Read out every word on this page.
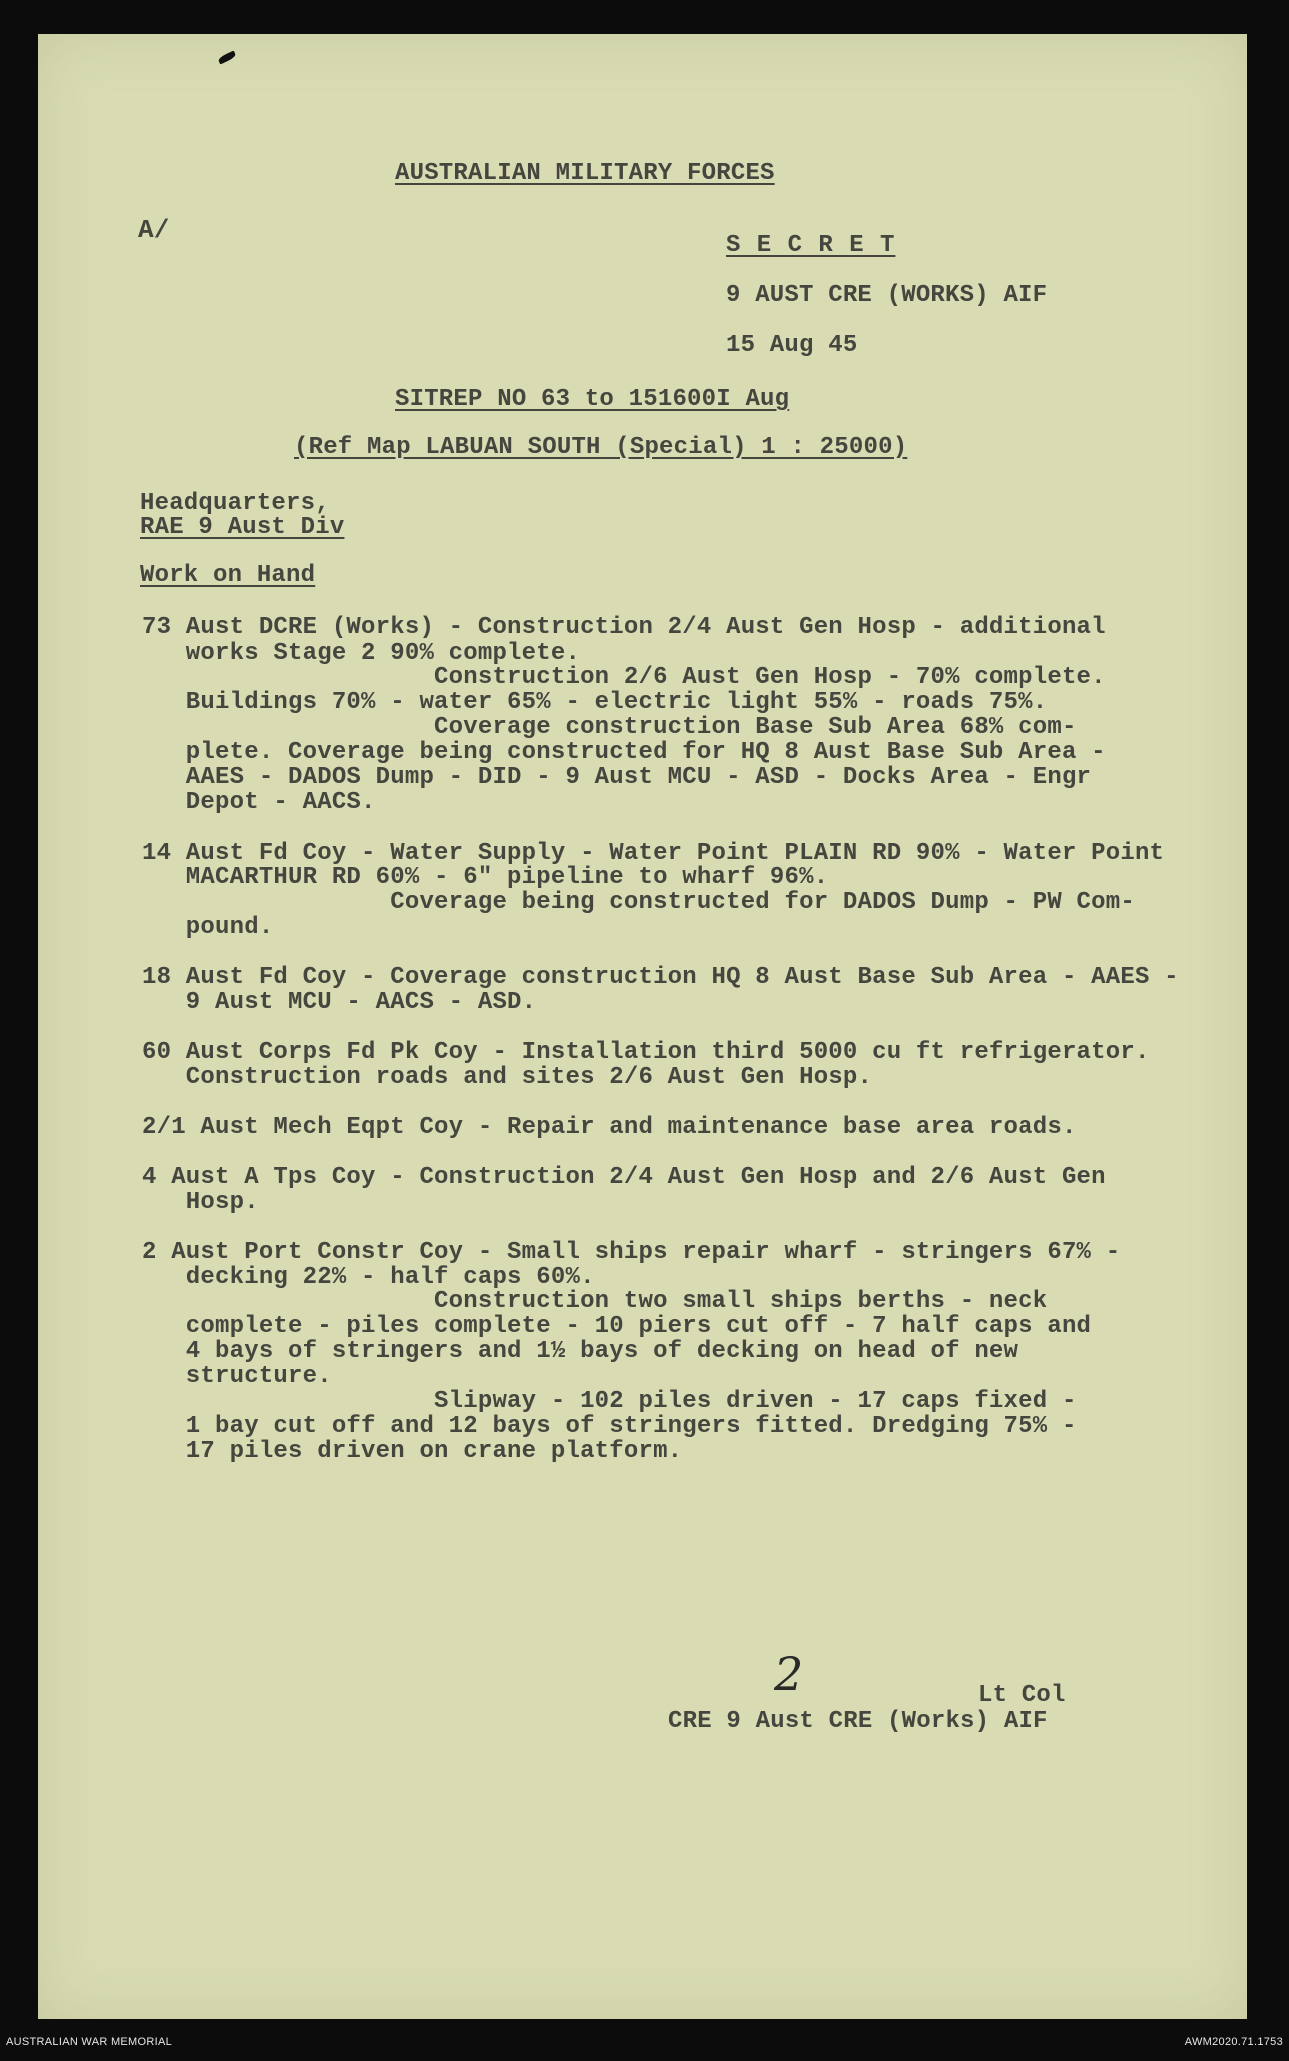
AUSTRALIAN MILITARY FORCES
A/
S E C R E T
9 AUST CRE (WORKS) AIF
15 Aug 45
SITREP NO 63 to 151600I Aug
(Ref Map LABUAN SOUTH (Special) 1 : 25000)
Headquarters,
RAE 9 Aust Div
Work on Hand
73 Aust DCRE (Works) - Construction 2/4 Aust Gen Hosp - additional
works Stage 2 90% complete.
Construction 2/6 Aust Gen Hosp - 70% complete.
Buildings 70% - water 65% - electric light 55% - roads 75%.
Coverage construction Base Sub Area 68% com-
plete. Coverage being constructed for HQ 8 Aust Base Sub Area -
AAES - DADOS Dump - DID - 9 Aust MCU - ASD - Docks Area - Engr
Depot - AACS.
14 Aust Fd Coy - Water Supply - Water Point PLAIN RD 90% - Water Point
MACARTHUR RD 60% - 6" pipeline to wharf 96%.
Coverage being constructed for DADOS Dump - PW Com-
pound.
18 Aust Fd Coy - Coverage construction HQ 8 Aust Base Sub Area - AAES -
9 Aust MCU - AACS - ASD.
60 Aust Corps Fd Pk Coy - Installation third 5000 cu ft refrigerator.
Construction roads and sites 2/6 Aust Gen Hosp.
2/1 Aust Mech Eqpt Coy - Repair and maintenance base area roads.
4 Aust A Tps Coy - Construction 2/4 Aust Gen Hosp and 2/6 Aust Gen
Hosp.
2 Aust Port Constr Coy - Small ships repair wharf - stringers 67% -
decking 22% - half caps 60%.
Construction two small ships berths - neck
complete - piles complete - 10 piers cut off - 7 half caps and
4 bays of stringers and 1½ bays of decking on head of new
structure.
Slipway - 102 piles driven - 17 caps fixed -
1 bay cut off and 12 bays of stringers fitted. Dredging 75% -
17 piles driven on crane platform.
2	Lt Col
CRE 9 Aust CRE (Works) AIF
AUSTRALIAN WAR MEMORIAL	AWM2020.71.1753
